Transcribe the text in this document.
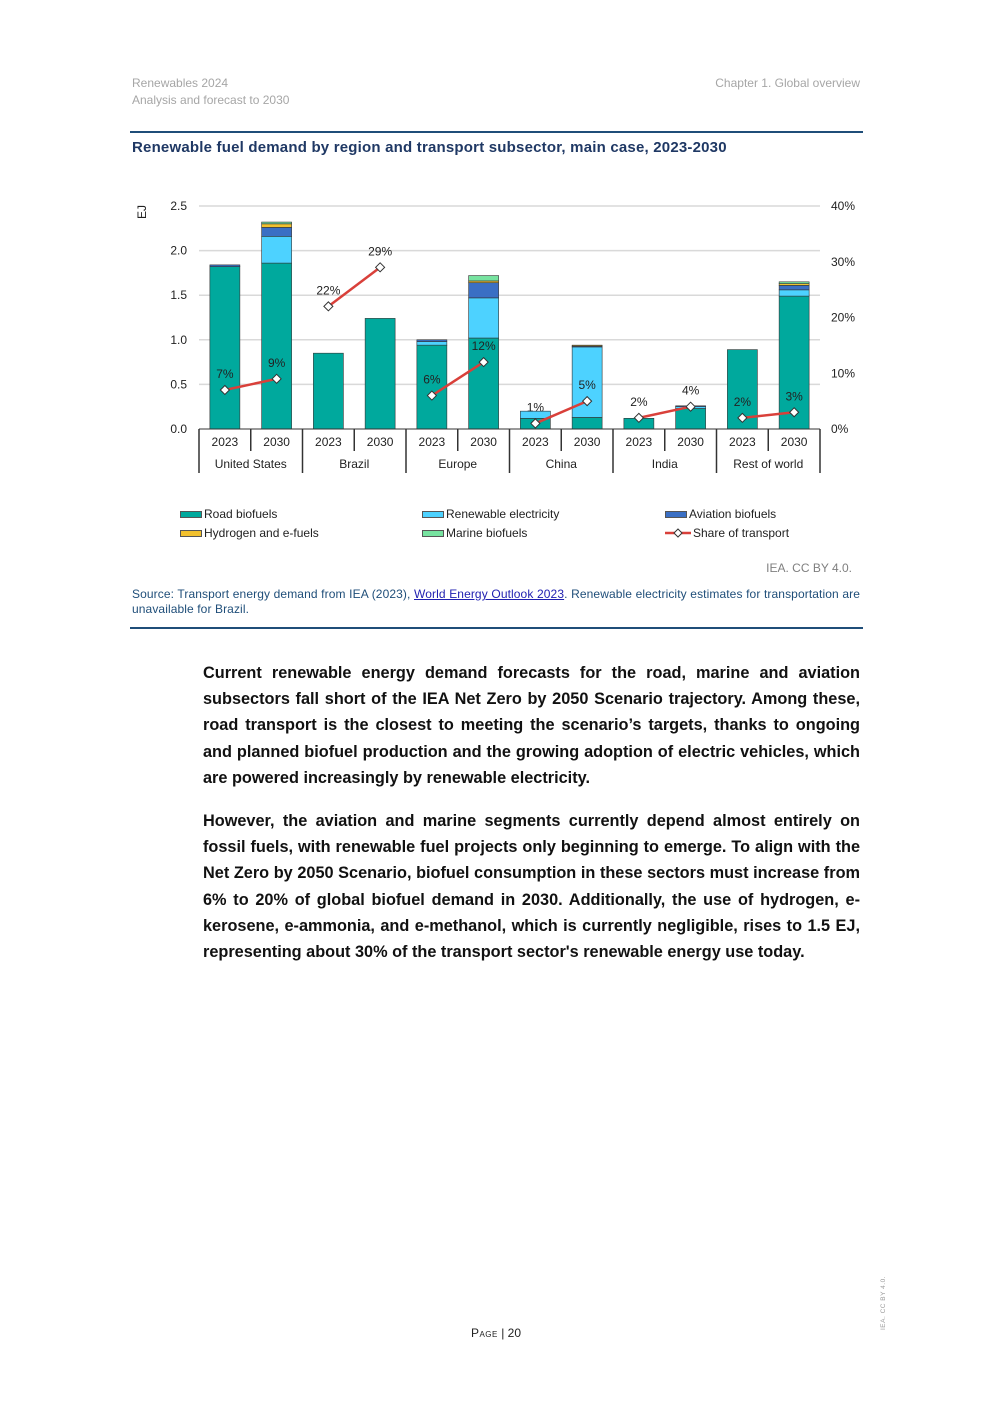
Renewables 2024
Analysis and forecast to 2030
Chapter 1. Global overview
Renewable fuel demand by region and transport subsector, main case, 2023-2030
0.0
0.5
1.0
1.5
2.0
2.5
0%
10%
20%
30%
40%
EJ
2023 2030 2023 2030 2023 2030 2023 2030 2023 2030 2023 2030
United States	Brazil	Europe	China	India	Rest of world
7%
9%
22%
29%
6%
12%
1%
5%
2%
4%
2%	3%
Road biofuels	Renewable electricity	Aviation biofuels
Hydrogen and e-fuels	Marine biofuels	Share of transport
IEA. CC BY 4.0.
Source: Transport energy demand from IEA (2023), World Energy Outlook 2023. Renewable electricity estimates for transportation are unavailable for Brazil.
Current renewable energy demand forecasts for the road, marine and aviation subsectors fall short of the IEA Net Zero by 2050 Scenario trajectory. Among these, road transport is the closest to meeting the scenario’s targets, thanks to ongoing and planned biofuel production and the growing adoption of electric vehicles, which are powered increasingly by renewable electricity.
However, the aviation and marine segments currently depend almost entirely on fossil fuels, with renewable fuel projects only beginning to emerge. To align with the Net Zero by 2050 Scenario, biofuel consumption in these sectors must increase from 6% to 20% of global biofuel demand in 2030. Additionally, the use of hydrogen, e-kerosene, e-ammonia, and e-methanol, which is currently negligible, rises to 1.5 EJ, representing about 30% of the transport sector's renewable energy use today.
Page | 20
IEA. CC BY 4.0.
